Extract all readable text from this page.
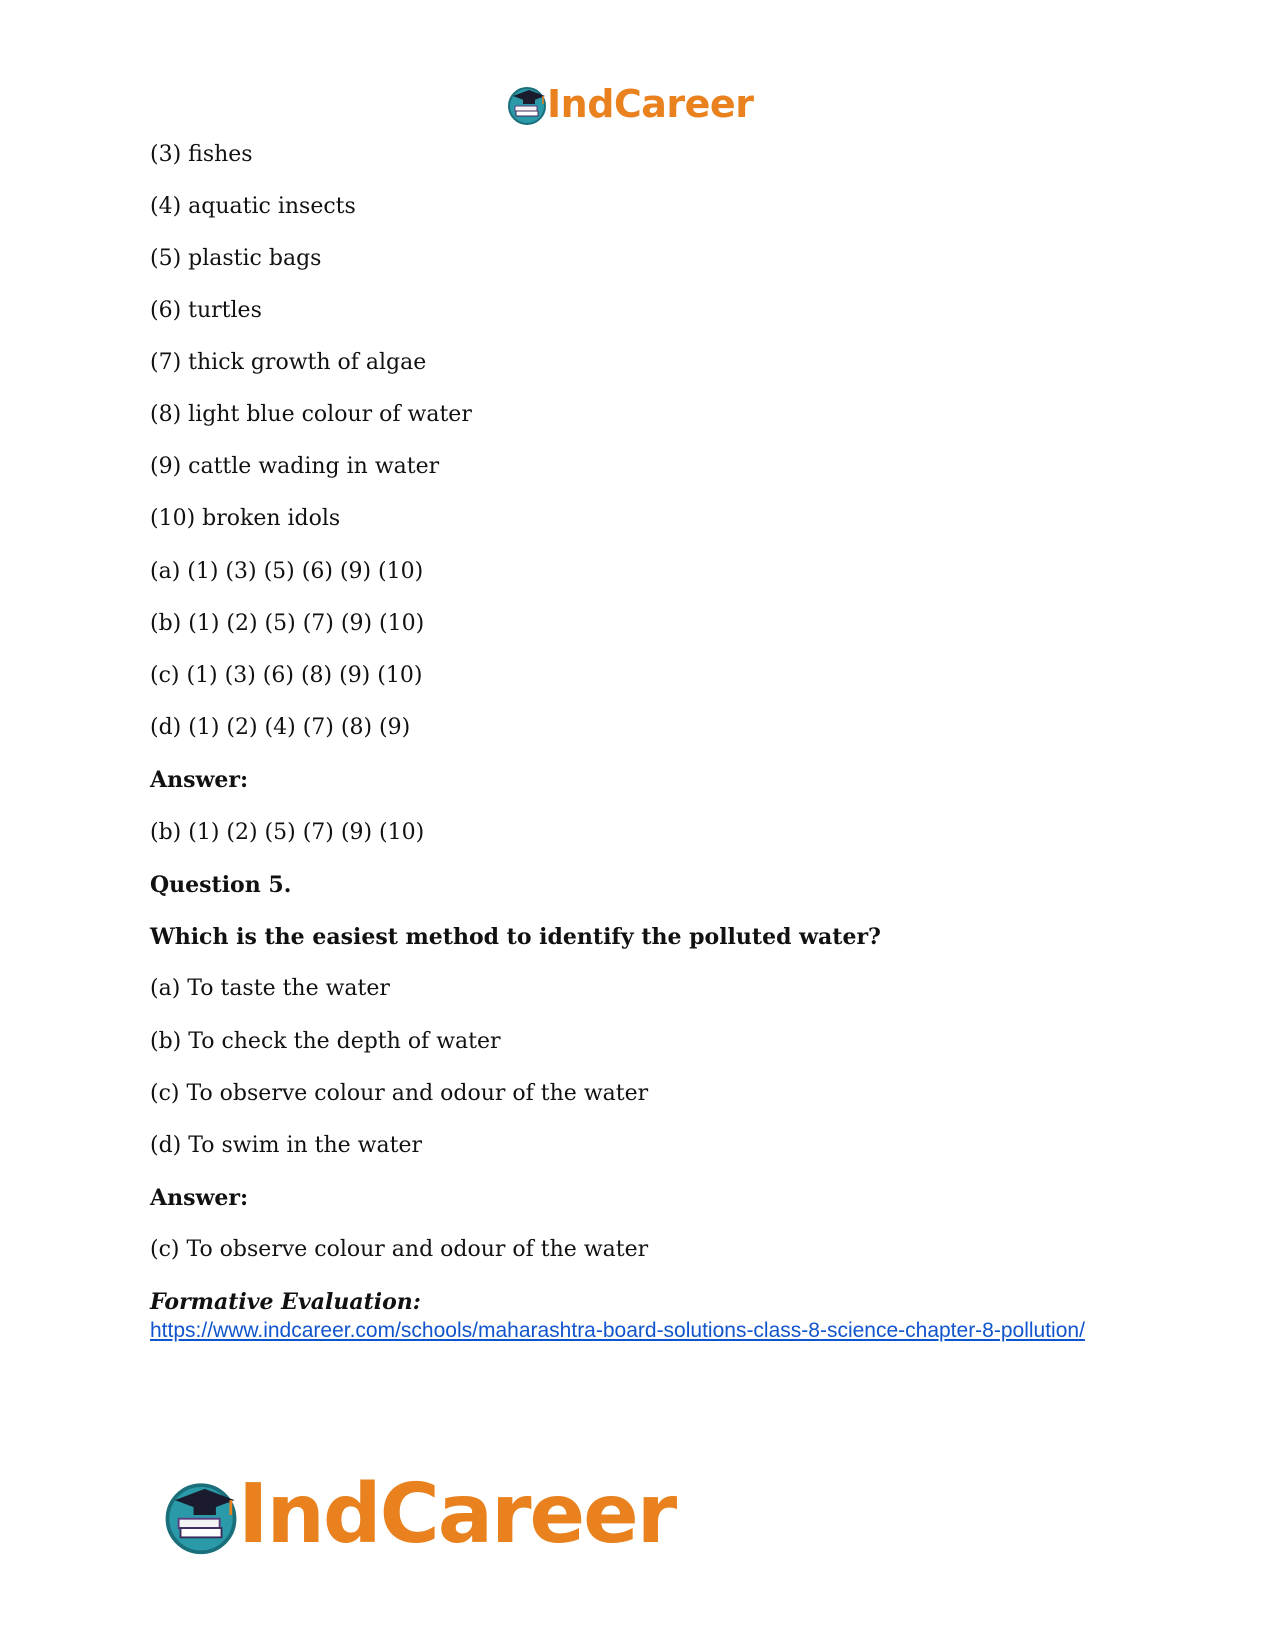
IndCareer
(3) fishes
(4) aquatic insects
(5) plastic bags
(6) turtles
(7) thick growth of algae
(8) light blue colour of water
(9) cattle wading in water
(10) broken idols
(a) (1) (3) (5) (6) (9) (10)
(b) (1) (2) (5) (7) (9) (10)
(c) (1) (3) (6) (8) (9) (10)
(d) (1) (2) (4) (7) (8) (9)
Answer:
(b) (1) (2) (5) (7) (9) (10)
Question 5.
Which is the easiest method to identify the polluted water?
(a) To taste the water
(b) To check the depth of water
(c) To observe colour and odour of the water
(d) To swim in the water
Answer:
(c) To observe colour and odour of the water
Formative Evaluation:
https://www.indcareer.com/schools/maharashtra-board-solutions-class-8-science-chapter-8-pollution/
IndCareer
